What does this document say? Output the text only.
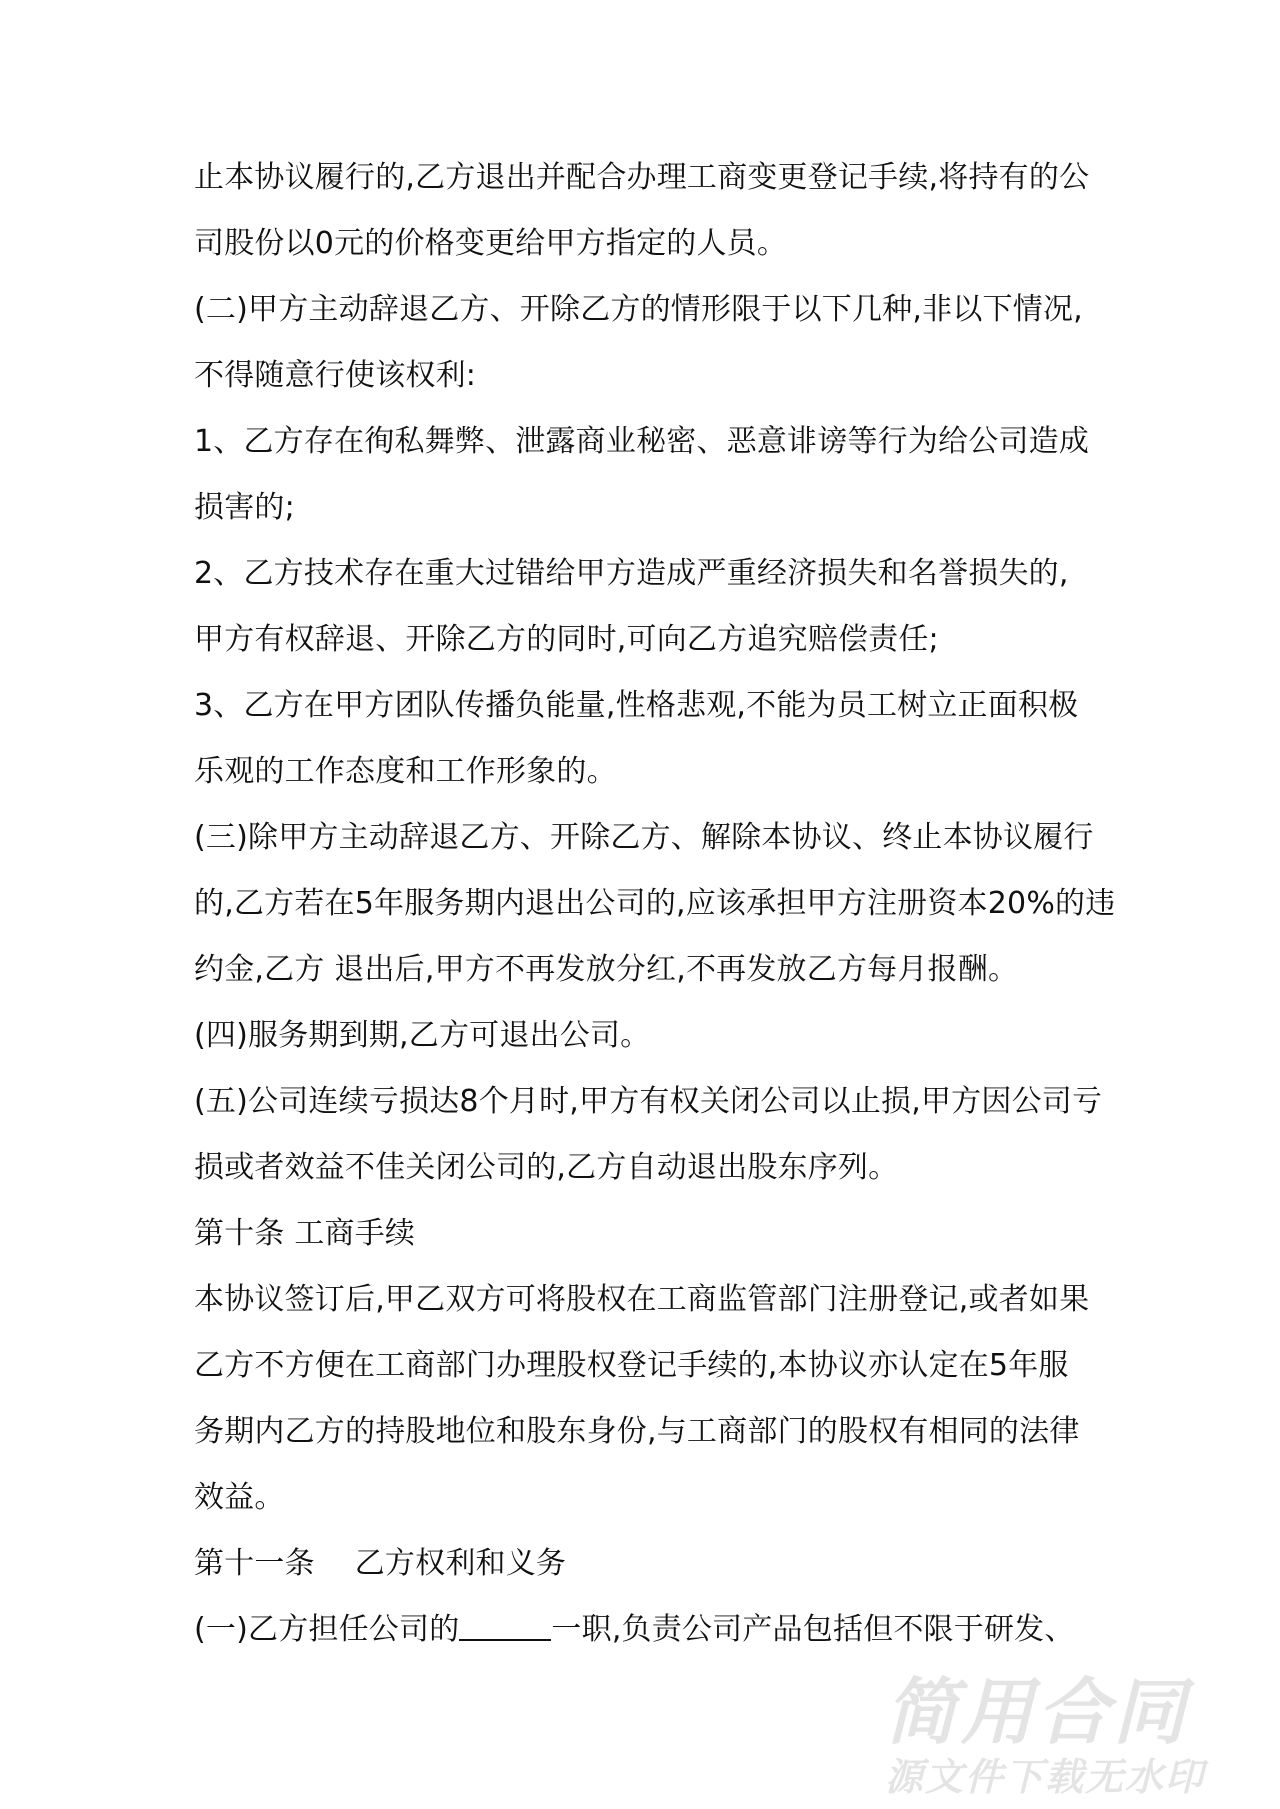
止本协议履行的,乙方退出并配合办理工商变更登记手续,将持有的公
司股份以0元的价格变更给甲方指定的人员。
(二)甲方主动辞退乙方、开除乙方的情形限于以下几种,非以下情况,
不得随意行使该权利:
1、乙方存在徇私舞弊、泄露商业秘密、恶意诽谤等行为给公司造成
损害的;
2、乙方技术存在重大过错给甲方造成严重经济损失和名誉损失的,
甲方有权辞退、开除乙方的同时,可向乙方追究赔偿责任;
3、乙方在甲方团队传播负能量,性格悲观,不能为员工树立正面积极
乐观的工作态度和工作形象的。
(三)除甲方主动辞退乙方、开除乙方、解除本协议、终止本协议履行
的,乙方若在5年服务期内退出公司的,应该承担甲方注册资本20%的违
约金,乙方 退出后,甲方不再发放分红,不再发放乙方每月报酬。
(四)服务期到期,乙方可退出公司。
(五)公司连续亏损达8个月时,甲方有权关闭公司以止损,甲方因公司亏
损或者效益不佳关闭公司的,乙方自动退出股东序列。
第十条 工商手续
本协议签订后,甲乙双方可将股权在工商监管部门注册登记,或者如果
乙方不方便在工商部门办理股权登记手续的,本协议亦认定在5年服
务期内乙方的持股地位和股东身份,与工商部门的股权有相同的法律
效益。
第十一条　 乙方权利和义务
(一)乙方担任公司的	一职,负责公司产品包括但不限于研发、
简用合同
源文件下载无水印
